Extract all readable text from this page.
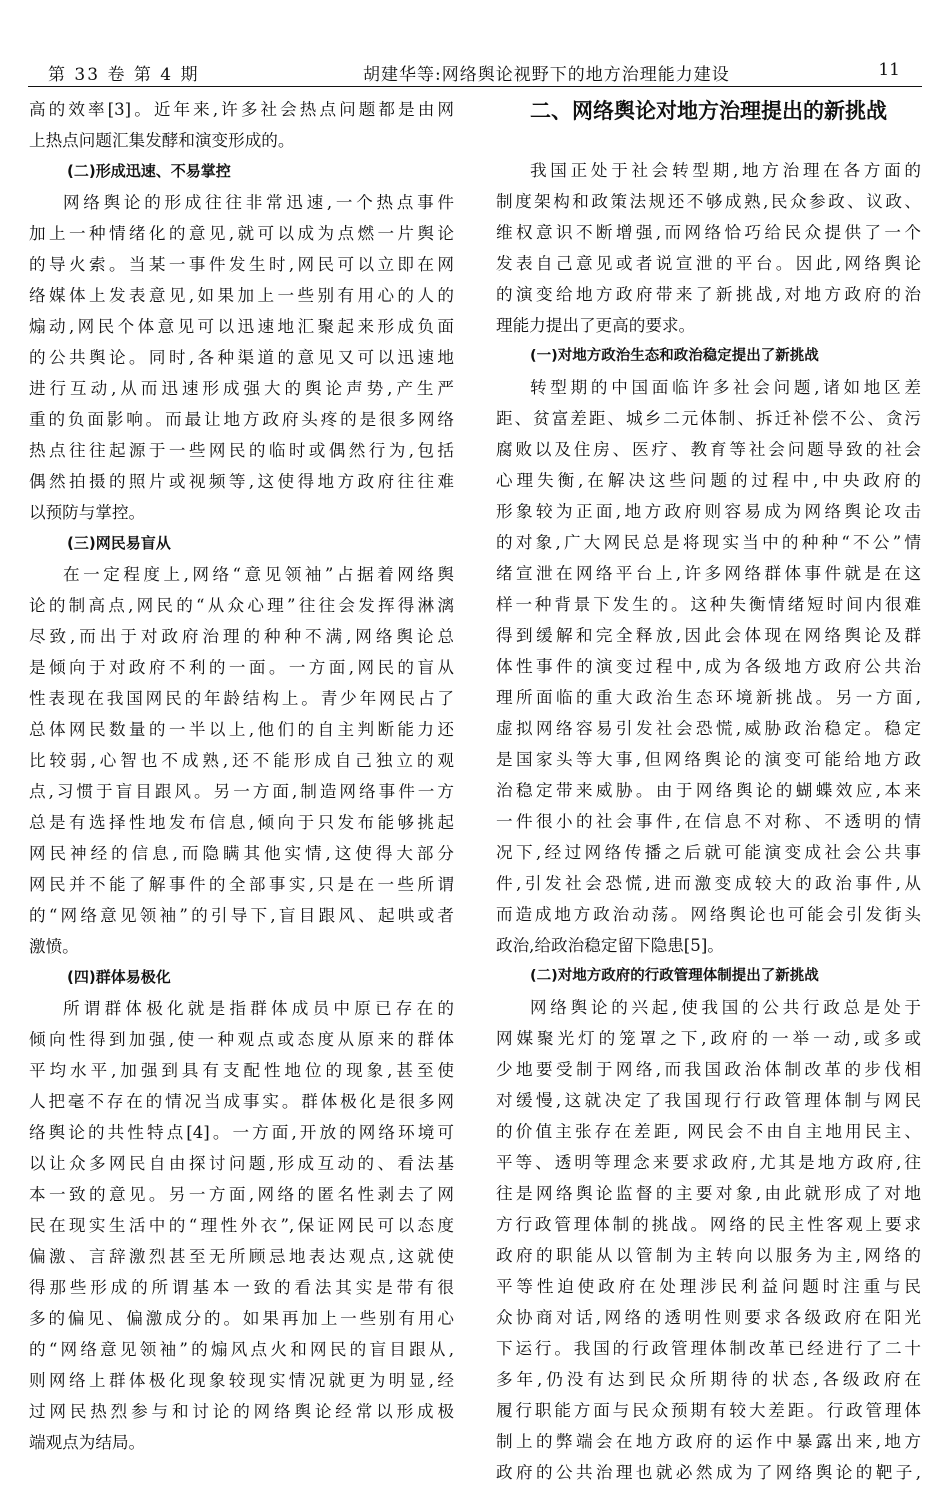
第 33 卷 第 4 期	胡建华等:网络舆论视野下的地方治理能力建设	11
高的效率[3]。近年来,许多社会热点问题都是由网
上热点问题汇集发酵和演变形成的。
(二)形成迅速、不易掌控
网络舆论的形成往往非常迅速,一个热点事件
加上一种情绪化的意见,就可以成为点燃一片舆论
的导火索。当某一事件发生时,网民可以立即在网
络媒体上发表意见,如果加上一些别有用心的人的
煽动,网民个体意见可以迅速地汇聚起来形成负面
的公共舆论。同时,各种渠道的意见又可以迅速地
进行互动,从而迅速形成强大的舆论声势,产生严
重的负面影响。而最让地方政府头疼的是很多网络
热点往往起源于一些网民的临时或偶然行为,包括
偶然拍摄的照片或视频等,这使得地方政府往往难
以预防与掌控。
(三)网民易盲从
在一定程度上,网络“意见领袖”占据着网络舆
论的制高点,网民的“从众心理”往往会发挥得淋漓
尽致,而出于对政府治理的种种不满,网络舆论总
是倾向于对政府不利的一面。一方面,网民的盲从
性表现在我国网民的年龄结构上。青少年网民占了
总体网民数量的一半以上,他们的自主判断能力还
比较弱,心智也不成熟,还不能形成自己独立的观
点,习惯于盲目跟风。另一方面,制造网络事件一方
总是有选择性地发布信息,倾向于只发布能够挑起
网民神经的信息,而隐瞒其他实情,这使得大部分
网民并不能了解事件的全部事实,只是在一些所谓
的“网络意见领袖”的引导下,盲目跟风、起哄或者
激愤。
(四)群体易极化
所谓群体极化就是指群体成员中原已存在的
倾向性得到加强,使一种观点或态度从原来的群体
平均水平,加强到具有支配性地位的现象,甚至使
人把毫不存在的情况当成事实。群体极化是很多网
络舆论的共性特点[4]。一方面,开放的网络环境可
以让众多网民自由探讨问题,形成互动的、看法基
本一致的意见。另一方面,网络的匿名性剥去了网
民在现实生活中的“理性外衣”,保证网民可以态度
偏激、言辞激烈甚至无所顾忌地表达观点,这就使
得那些形成的所谓基本一致的看法其实是带有很
多的偏见、偏激成分的。如果再加上一些别有用心
的“网络意见领袖”的煽风点火和网民的盲目跟从,
则网络上群体极化现象较现实情况就更为明显,经
过网民热烈参与和讨论的网络舆论经常以形成极
端观点为结局。
二、网络舆论对地方治理提出的新挑战
我国正处于社会转型期,地方治理在各方面的
制度架构和政策法规还不够成熟,民众参政、议政、
维权意识不断增强,而网络恰巧给民众提供了一个
发表自己意见或者说宣泄的平台。因此,网络舆论
的演变给地方政府带来了新挑战,对地方政府的治
理能力提出了更高的要求。
(一)对地方政治生态和政治稳定提出了新挑战
转型期的中国面临许多社会问题,诸如地区差
距、贫富差距、城乡二元体制、拆迁补偿不公、贪污
腐败以及住房、医疗、教育等社会问题导致的社会
心理失衡,在解决这些问题的过程中,中央政府的
形象较为正面,地方政府则容易成为网络舆论攻击
的对象,广大网民总是将现实当中的种种“不公”情
绪宣泄在网络平台上,许多网络群体事件就是在这
样一种背景下发生的。这种失衡情绪短时间内很难
得到缓解和完全释放,因此会体现在网络舆论及群
体性事件的演变过程中,成为各级地方政府公共治
理所面临的重大政治生态环境新挑战。另一方面,
虚拟网络容易引发社会恐慌,威胁政治稳定。稳定
是国家头等大事,但网络舆论的演变可能给地方政
治稳定带来威胁。由于网络舆论的蝴蝶效应,本来
一件很小的社会事件,在信息不对称、不透明的情
况下,经过网络传播之后就可能演变成社会公共事
件,引发社会恐慌,进而激变成较大的政治事件,从
而造成地方政治动荡。网络舆论也可能会引发街头
政治,给政治稳定留下隐患[5]。
(二)对地方政府的行政管理体制提出了新挑战
网络舆论的兴起,使我国的公共行政总是处于
网媒聚光灯的笼罩之下,政府的一举一动,或多或
少地要受制于网络,而我国政治体制改革的步伐相
对缓慢,这就决定了我国现行行政管理体制与网民
的价值主张存在差距, 网民会不由自主地用民主、
平等、透明等理念来要求政府,尤其是地方政府,往
往是网络舆论监督的主要对象,由此就形成了对地
方行政管理体制的挑战。网络的民主性客观上要求
政府的职能从以管制为主转向以服务为主,网络的
平等性迫使政府在处理涉民利益问题时注重与民
众协商对话,网络的透明性则要求各级政府在阳光
下运行。我国的行政管理体制改革已经进行了二十
多年,仍没有达到民众所期待的状态,各级政府在
履行职能方面与民众预期有较大差距。行政管理体
制上的弊端会在地方政府的运作中暴露出来,地方
政府的公共治理也就必然成为了网络舆论的靶子,
